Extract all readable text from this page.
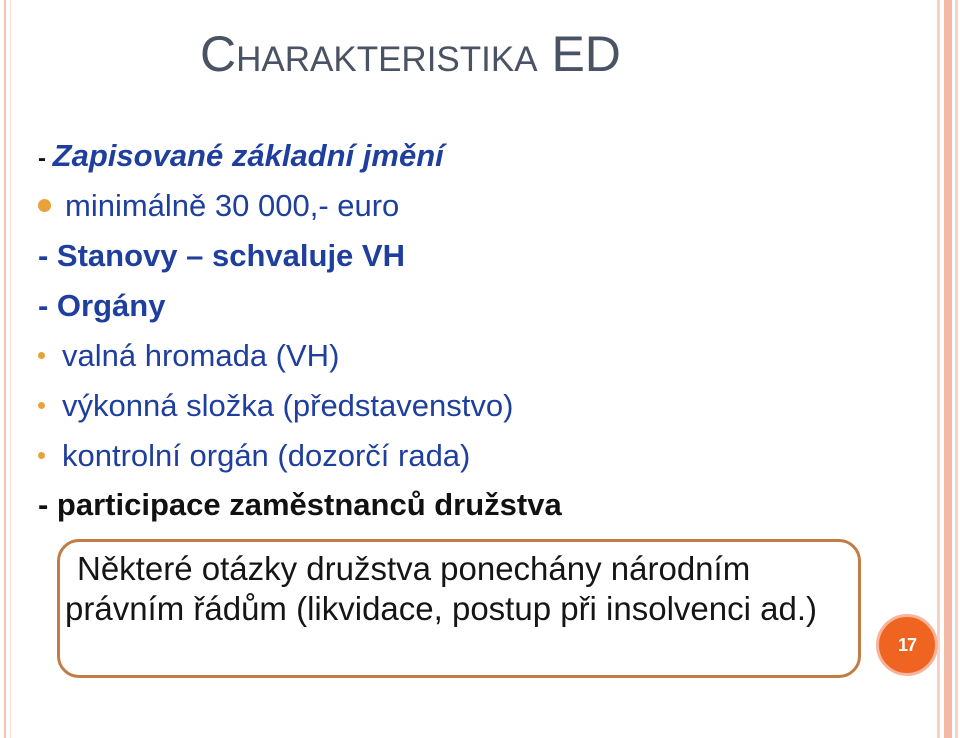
Charakteristika ED
- Zapisované základní jmění
minimálně 30 000,- euro
- Stanovy – schvaluje VH
- Orgány
valná hromada (VH)
výkonná složka (představenstvo)
kontrolní orgán (dozorčí rada)
- participace zaměstnanců družstva

Některé otázky družstva ponechány národním právním řádům (likvidace, postup při insolvenci ad.)

17
